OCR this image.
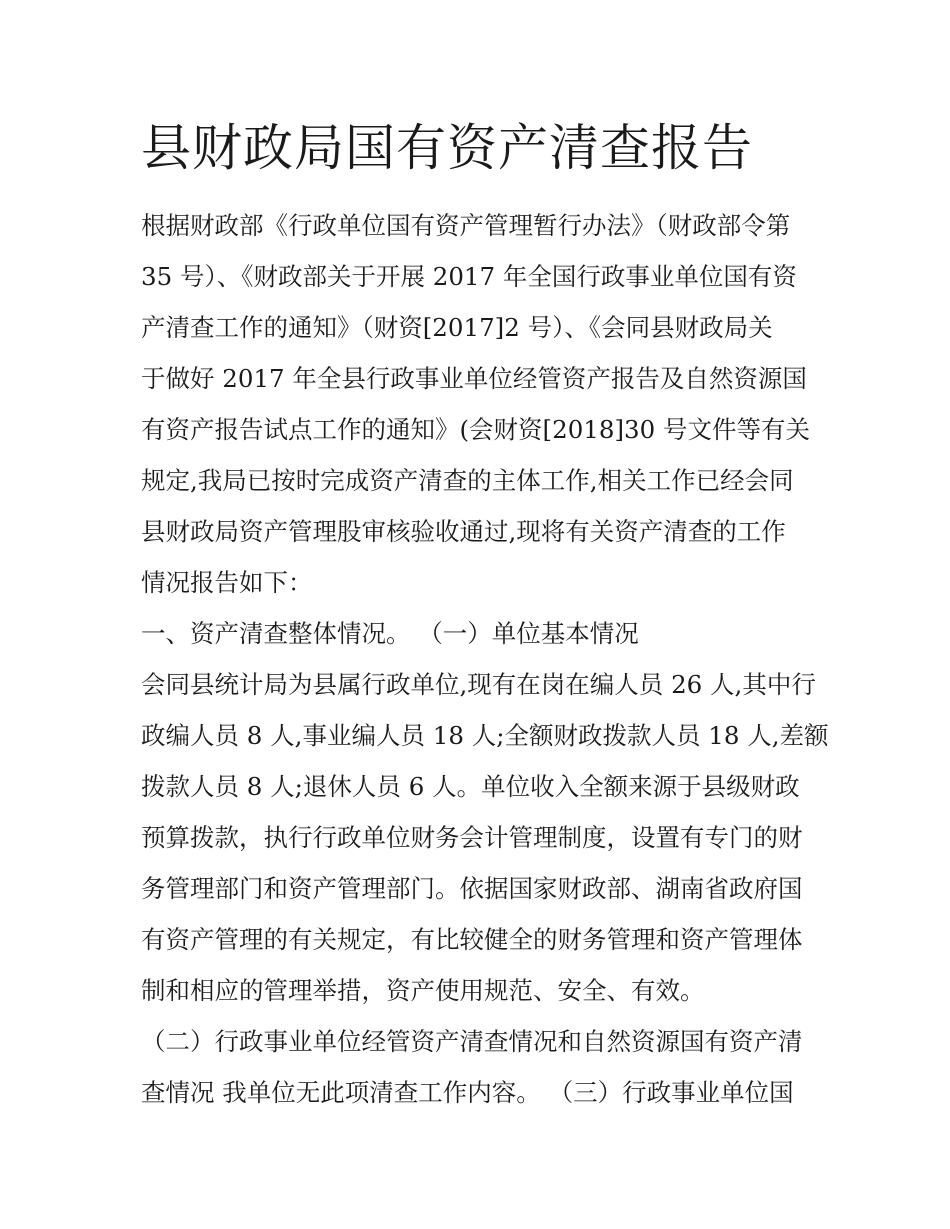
县财政局国有资产清查报告
根据财政部《行政单位国有资产管理暂行办法》（财政部令第
35 号）、《财政部关于开展 2017 年全国行政事业单位国有资
产清查工作的通知》（财资[2017]2 号）、《会同县财政局关
于做好 2017 年全县行政事业单位经管资产报告及自然资源国
有资产报告试点工作的通知》(会财资[2018]30 号文件等有关
规定,我局已按时完成资产清查的主体工作,相关工作已经会同
县财政局资产管理股审核验收通过,现将有关资产清查的工作
情况报告如下：
一、资产清查整体情况。 （一）单位基本情况
会同县统计局为县属行政单位,现有在岗在编人员 26 人,其中行
政编人员 8 人,事业编人员 18 人;全额财政拨款人员 18 人,差额
拨款人员 8 人;退休人员 6 人。单位收入全额来源于县级财政
预算拨款，执行行政单位财务会计管理制度，设置有专门的财
务管理部门和资产管理部门。依据国家财政部、湖南省政府国
有资产管理的有关规定，有比较健全的财务管理和资产管理体
制和相应的管理举措，资产使用规范、安全、有效。
（二）行政事业单位经管资产清查情况和自然资源国有资产清
查情况 我单位无此项清查工作内容。 （三）行政事业单位国
